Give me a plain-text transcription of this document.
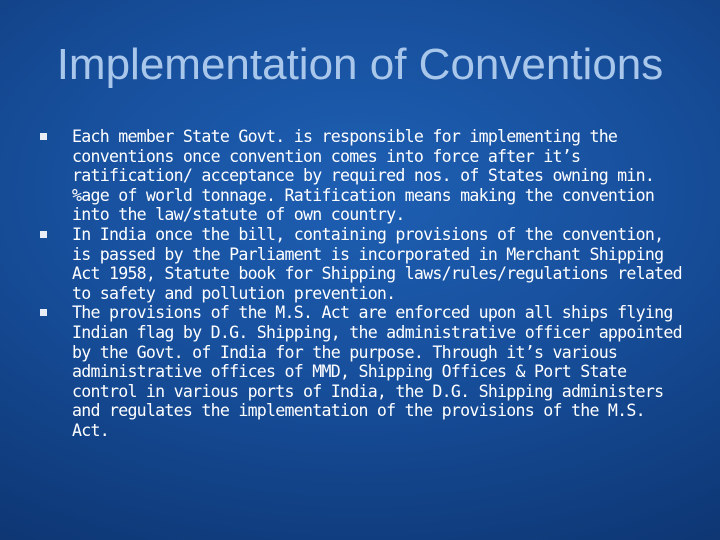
Implementation of Conventions
Each member State Govt. is responsible for implementing the conventions once convention comes into force after it’s ratification/ acceptance by required nos. of States owning min. %age of world tonnage. Ratification means making the convention into the law/statute of own country.
In India once the bill, containing provisions of the convention, is passed by the Parliament is incorporated in Merchant Shipping Act 1958, Statute book for Shipping laws/rules/regulations related to safety and pollution prevention.
The provisions of the M.S. Act are enforced upon all ships flying Indian flag by D.G. Shipping, the administrative officer appointed by the Govt. of India for the purpose. Through it’s various administrative offices of MMD, Shipping Offices & Port State control in various ports of India, the D.G. Shipping administers and regulates the implementation of the provisions of the M.S. Act.
